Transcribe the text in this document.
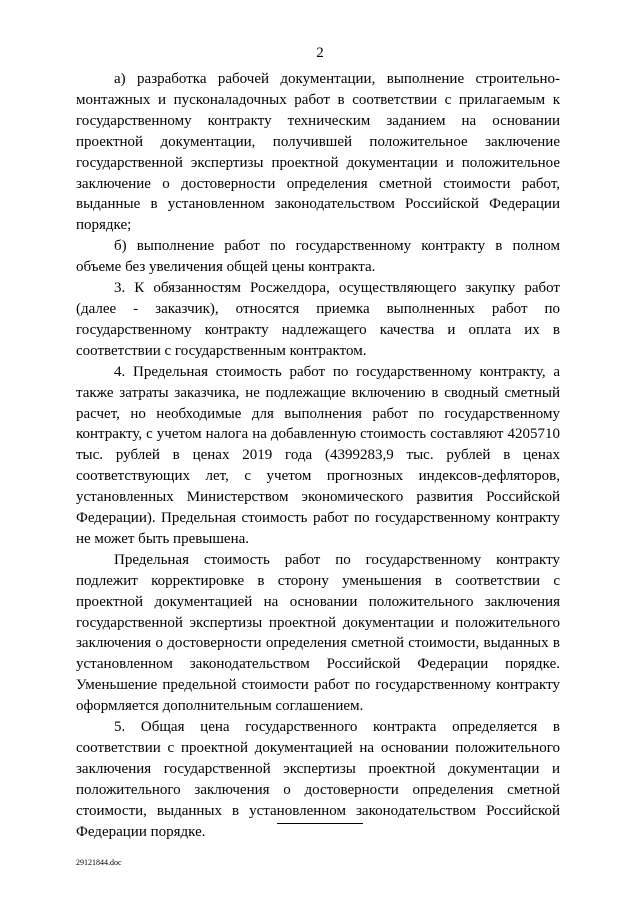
2

а) разработка рабочей документации, выполнение строительно-монтажных и пусконаладочных работ в соответствии с прилагаемым к государственному контракту техническим заданием на основании проектной документации, получившей положительное заключение государственной экспертизы проектной документации и положительное заключение о достоверности определения сметной стоимости работ, выданные в установленном законодательством Российской Федерации порядке;

б) выполнение работ по государственному контракту в полном объеме без увеличения общей цены контракта.

3. К обязанностям Росжелдора, осуществляющего закупку работ (далее - заказчик), относятся приемка выполненных работ по государственному контракту надлежащего качества и оплата их в соответствии с государственным контрактом.

4. Предельная стоимость работ по государственному контракту, а также затраты заказчика, не подлежащие включению в сводный сметный расчет, но необходимые для выполнения работ по государственному контракту, с учетом налога на добавленную стоимость составляют 4205710 тыс. рублей в ценах 2019 года (4399283,9 тыс. рублей в ценах соответствующих лет, с учетом прогнозных индексов-дефляторов, установленных Министерством экономического развития Российской Федерации). Предельная стоимость работ по государственному контракту не может быть превышена.

Предельная стоимость работ по государственному контракту подлежит корректировке в сторону уменьшения в соответствии с проектной документацией на основании положительного заключения государственной экспертизы проектной документации и положительного заключения о достоверности определения сметной стоимости, выданных в установленном законодательством Российской Федерации порядке. Уменьшение предельной стоимости работ по государственному контракту оформляется дополнительным соглашением.

5. Общая цена государственного контракта определяется в соответствии с проектной документацией на основании положительного заключения государственной экспертизы проектной документации и положительного заключения о достоверности определения сметной стоимости, выданных в установленном законодательством Российской Федерации порядке.

29121844.doc
